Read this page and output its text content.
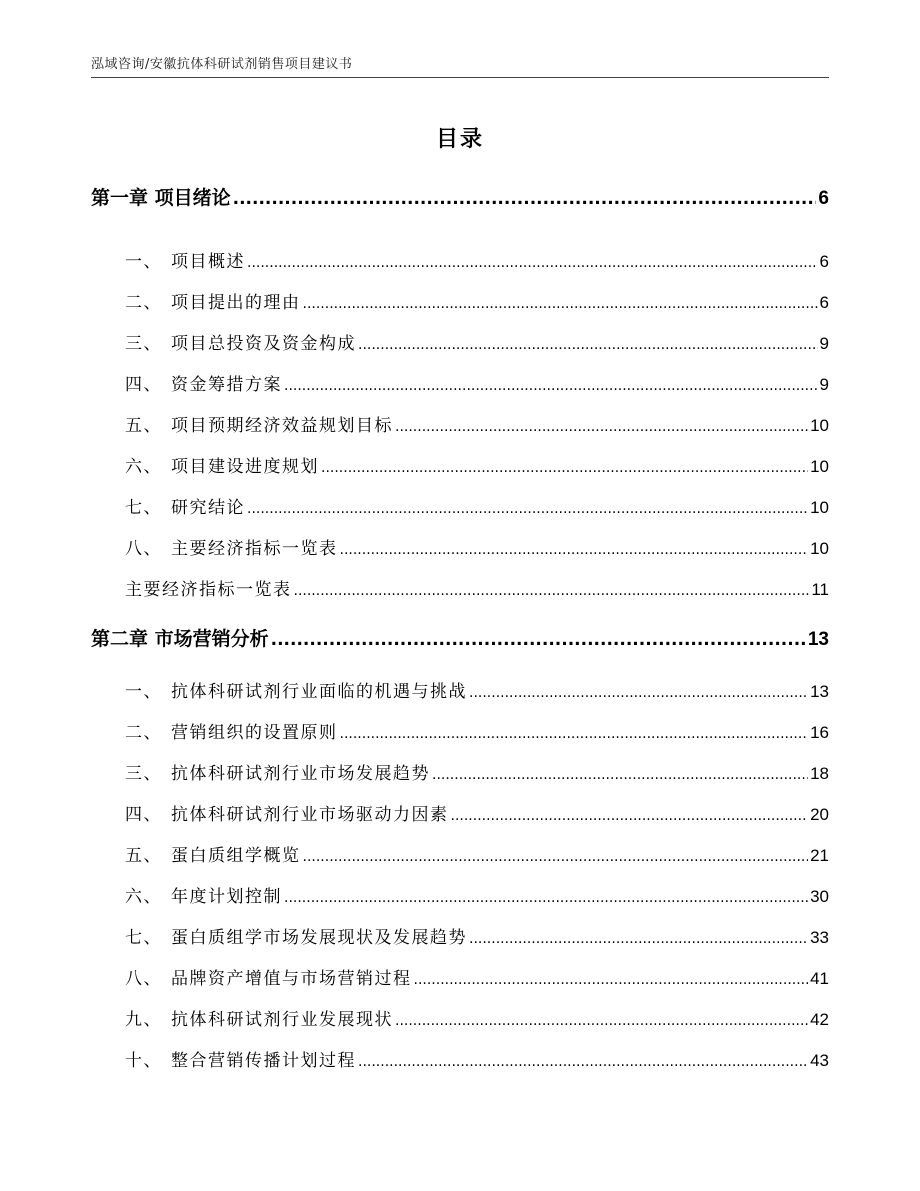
泓域咨询/安徽抗体科研试剂销售项目建议书
目录
第一章 项目绪论 .....	6
一、 项目概述 .....	6
二、 项目提出的理由 .....	6
三、 项目总投资及资金构成 .....	9
四、 资金筹措方案 .....	9
五、 项目预期经济效益规划目标 .....	10
六、 项目建设进度规划 .....	10
七、 研究结论 .....	10
八、 主要经济指标一览表 .....	10
主要经济指标一览表 .....	11
第二章 市场营销分析 .....	13
一、 抗体科研试剂行业面临的机遇与挑战 .....	13
二、 营销组织的设置原则 .....	16
三、 抗体科研试剂行业市场发展趋势 .....	18
四、 抗体科研试剂行业市场驱动力因素 .....	20
五、 蛋白质组学概览 .....	21
六、 年度计划控制 .....	30
七、 蛋白质组学市场发展现状及发展趋势 .....	33
八、 品牌资产增值与市场营销过程 .....	41
九、 抗体科研试剂行业发展现状 .....	42
十、 整合营销传播计划过程 .....	43
